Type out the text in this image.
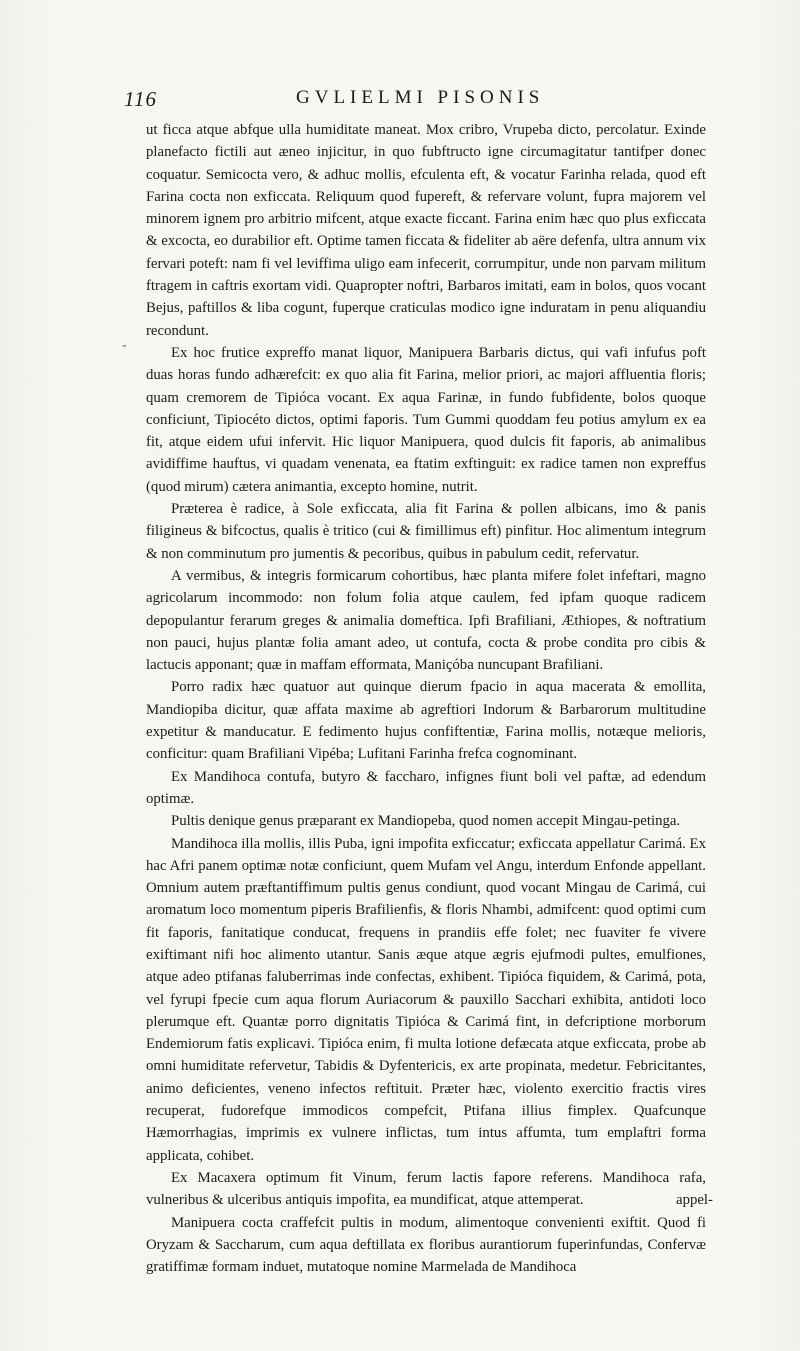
116	GVLIELMI PISONIS
-

ut ficca atque abfque ulla humiditate maneat. Mox cribro, Vrupeba dicto, percolatur. Exinde planefacto fictili aut æneo injicitur, in quo fubftructo igne circumagitatur tantifper donec coquatur. Semicocta vero, & adhuc mollis, efculenta eft, & vocatur Farinha relada, quod eft Farina cocta non exficcata. Reliquum quod fupereft, & refervare volunt, fupra majorem vel minorem ignem pro arbitrio mifcent, atque exacte ficcant. Farina enim hæc quo plus exficcata & excocta, eo durabilior eft. Optime tamen ficcata & fideliter ab aëre defenfa, ultra annum vix fervari poteft: nam fi vel leviffima uligo eam infecerit, corrumpitur, unde non parvam militum ftragem in caftris exortam vidi. Quapropter noftri, Barbaros imitati, eam in bolos, quos vocant Bejus, paftillos & liba cogunt, fuperque craticulas modico igne induratam in penu aliquandiu recondunt.

Ex hoc frutice expreffo manat liquor, Manipuera Barbaris dictus, qui vafi infufus poft duas horas fundo adhærefcit: ex quo alia fit Farina, melior priori, ac majori affluentia floris; quam cremorem de Tipióca vocant. Ex aqua Farinæ, in fundo fubfidente, bolos quoque conficiunt, Tipiocéto dictos, optimi faporis. Tum Gummi quoddam feu potius amylum ex ea fit, atque eidem ufui infervit. Hic liquor Manipuera, quod dulcis fit faporis, ab animalibus avidiffime hauftus, vi quadam venenata, ea ftatim exftinguit: ex radice tamen non expreffus (quod mirum) cætera animantia, excepto homine, nutrit.

Præterea è radice, à Sole exficcata, alia fit Farina & pollen albicans, imo & panis filigineus & bifcoctus, qualis è tritico (cui & fimillimus eft) pinfitur. Hoc alimentum integrum & non comminutum pro jumentis & pecoribus, quibus in pabulum cedit, refervatur.

A vermibus, & integris formicarum cohortibus, hæc planta mifere folet infeftari, magno agricolarum incommodo: non folum folia atque caulem, fed ipfam quoque radicem depopulantur ferarum greges & animalia domeftica. Ipfi Brafiliani, Æthiopes, & noftratium non pauci, hujus plantæ folia amant adeo, ut contufa, cocta & probe condita pro cibis & lactucis apponant; quæ in maffam efformata, Maniçóba nuncupant Brafiliani.

Porro radix hæc quatuor aut quinque dierum fpacio in aqua macerata & emollita, Mandiopiba dicitur, quæ affata maxime ab agreftiori Indorum & Barbarorum multitudine expetitur & manducatur. E fedimento hujus confiftentiæ, Farina mollis, notæque melioris, conficitur: quam Brafiliani Vipéba; Lufitani Farinha frefca cognominant.

Ex Mandihoca contufa, butyro & faccharo, infignes fiunt boli vel paftæ, ad edendum optimæ.

Pultis denique genus præparant ex Mandiopeba, quod nomen accepit Mingau-petinga.

Mandihoca illa mollis, illis Puba, igni impofita exficcatur; exficcata appellatur Carimá. Ex hac Afri panem optimæ notæ conficiunt, quem Mufam vel Angu, interdum Enfonde appellant. Omnium autem præftantiffimum pultis genus condiunt, quod vocant Mingau de Carimá, cui aromatum loco momentum piperis Brafilienfis, & floris Nhambi, admifcent: quod optimi cum fit faporis, fanitatique conducat, frequens in prandiis effe folet; nec fuaviter fe vivere exiftimant nifi hoc alimento utantur. Sanis æque atque ægris ejufmodi pultes, emulfiones, atque adeo ptifanas faluberrimas inde confectas, exhibent. Tipióca fiquidem, & Carimá, pota, vel fyrupi fpecie cum aqua florum Auriacorum & pauxillo Sacchari exhibita, antidoti loco plerumque eft. Quantæ porro dignitatis Tipióca & Carimá fint, in defcriptione morborum Endemiorum fatis explicavi. Tipióca enim, fi multa lotione defæcata atque exficcata, probe ab omni humiditate refervetur, Tabidis & Dyfentericis, ex arte propinata, medetur. Febricitantes, animo deficientes, veneno infectos reftituit. Præter hæc, violento exercitio fractis vires recuperat, fudorefque immodicos compefcit, Ptifana illius fimplex. Quafcunque Hæmorrhagias, imprimis ex vulnere inflictas, tum intus affumta, tum emplaftri forma applicata, cohibet.

Ex Macaxera optimum fit Vinum, ferum lactis fapore referens. Mandihoca rafa, vulneribus & ulceribus antiquis impofita, ea mundificat, atque attemperat.

Manipuera cocta craffefcit pultis in modum, alimentoque convenienti exiftit. Quod fi Oryzam & Saccharum, cum aqua deftillata ex floribus aurantiorum fuperinfundas, Confervæ gratiffimæ formam induet, mutatoque nomine Marmelada de Mandihoca

appel-
